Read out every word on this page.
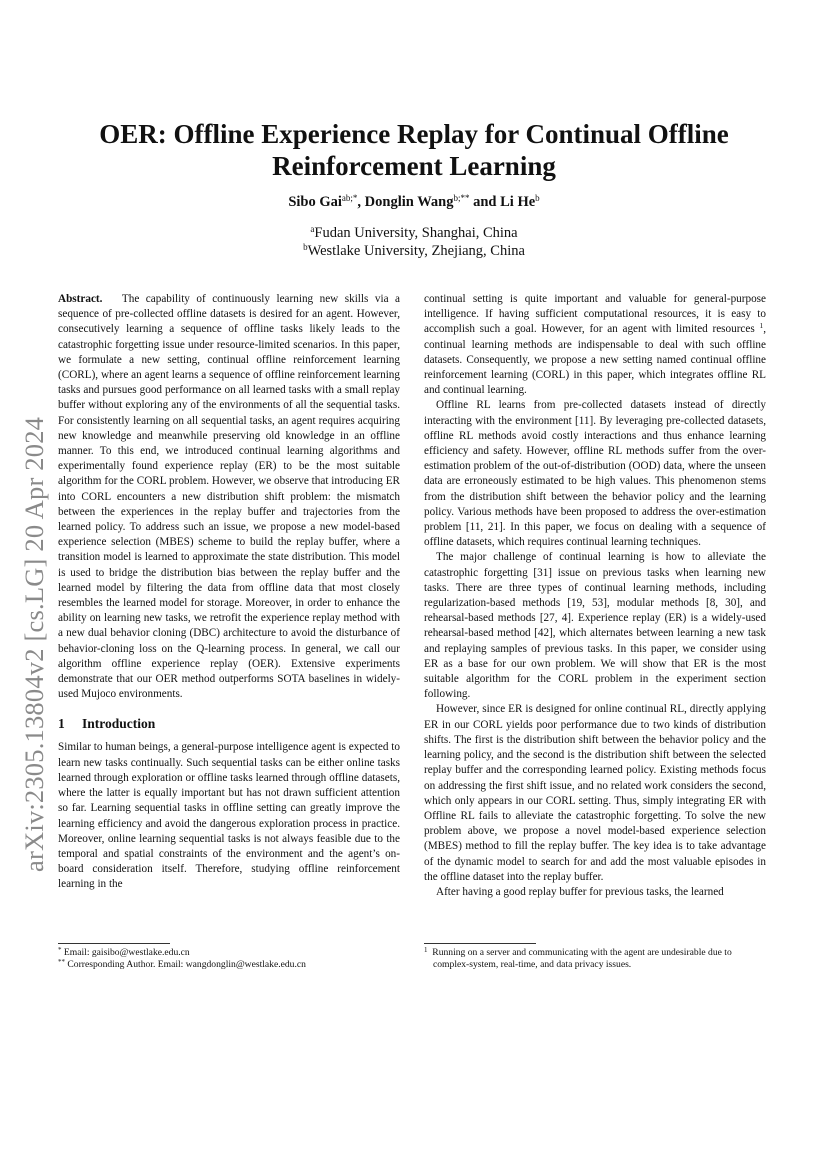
arXiv:2305.13804v2 [cs.LG] 20 Apr 2024
OER: Offline Experience Replay for Continual Offline Reinforcement Learning

Sibo Gai$^{ab;*}$, Donglin Wang$^{b;**}$ and Li He$^b$

$^a$Fudan University, Shanghai, China
$^b$Westlake University, Zhejiang, China

Abstract. The capability of continuously learning new skills via a sequence of pre-collected offline datasets is desired for an agent. However, consecutively learning a sequence of offline tasks likely leads to the catastrophic forgetting issue under resource-limited scenarios. In this paper, we formulate a new setting, continual offline reinforcement learning (CORL), where an agent learns a sequence of offline reinforcement learning tasks and pursues good performance on all learned tasks with a small replay buffer without exploring any of the environments of all the sequential tasks. For consistently learning on all sequential tasks, an agent requires acquiring new knowledge and meanwhile preserving old knowledge in an offline manner. To this end, we introduced continual learning algorithms and experimentally found experience replay (ER) to be the most suitable algorithm for the CORL problem. However, we observe that introducing ER into CORL encounters a new distribution shift problem: the mismatch between the experiences in the replay buffer and trajectories from the learned policy. To address such an issue, we propose a new model-based experience selection (MBES) scheme to build the replay buffer, where a transition model is learned to approximate the state distribution. This model is used to bridge the distribution bias between the replay buffer and the learned model by filtering the data from offline data that most closely resembles the learned model for storage. Moreover, in order to enhance the ability on learning new tasks, we retrofit the experience replay method with a new dual behavior cloning (DBC) architecture to avoid the disturbance of behavior-cloning loss on the Q-learning process. In general, we call our algorithm offline experience replay (OER). Extensive experiments demonstrate that our OER method outperforms SOTA baselines in widely-used Mujoco environments.

1	Introduction

Similar to human beings, a general-purpose intelligence agent is expected to learn new tasks continually. Such sequential tasks can be either online tasks learned through exploration or offline tasks learned through offline datasets, where the latter is equally important but has not drawn sufficient attention so far. Learning sequential tasks in offline setting can greatly improve the learning efficiency and avoid the dangerous exploration process in practice. Moreover, online learning sequential tasks is not always feasible due to the temporal and spatial constraints of the environment and the agent’s on-board consideration itself. Therefore, studying offline reinforcement learning in the

* Email: gaisibo@westlake.edu.cn

** Corresponding Author. Email: wangdonglin@westlake.edu.cn

continual setting is quite important and valuable for general-purpose intelligence. If having sufficient computational resources, it is easy to accomplish such a goal. However, for an agent with limited resources $^1$, continual learning methods are indispensable to deal with such offline datasets. Consequently, we propose a new setting named continual offline reinforcement learning (CORL) in this paper, which integrates offline RL and continual learning.

Offline RL learns from pre-collected datasets instead of directly interacting with the environment [11]. By leveraging pre-collected datasets, offline RL methods avoid costly interactions and thus enhance learning efficiency and safety. However, offline RL methods suffer from the over-estimation problem of the out-of-distribution (OOD) data, where the unseen data are erroneously estimated to be high values. This phenomenon stems from the distribution shift between the behavior policy and the learning policy. Various methods have been proposed to address the over-estimation problem [11, 21]. In this paper, we focus on dealing with a sequence of offline datasets, which requires continual learning techniques.

The major challenge of continual learning is how to alleviate the catastrophic forgetting [31] issue on previous tasks when learning new tasks. There are three types of continual learning methods, including regularization-based methods [19, 53], modular methods [8, 30], and rehearsal-based methods [27, 4]. Experience replay (ER) is a widely-used rehearsal-based method [42], which alternates between learning a new task and replaying samples of previous tasks. In this paper, we consider using ER as a base for our own problem. We will show that ER is the most suitable algorithm for the CORL problem in the experiment section following.

However, since ER is designed for online continual RL, directly applying ER in our CORL yields poor performance due to two kinds of distribution shifts. The first is the distribution shift between the behavior policy and the learning policy, and the second is the distribution shift between the selected replay buffer and the corresponding learned policy. Existing methods focus on addressing the first shift issue, and no related work considers the second, which only appears in our CORL setting. Thus, simply integrating ER with Offline RL fails to alleviate the catastrophic forgetting. To solve the new problem above, we propose a novel model-based experience selection (MBES) method to fill the replay buffer. The key idea is to take advantage of the dynamic model to search for and add the most valuable episodes in the offline dataset into the replay buffer.

After having a good replay buffer for previous tasks, the learned

$^1$ Running on a server and communicating with the agent are undesirable due to complex-system, real-time, and data privacy issues.
